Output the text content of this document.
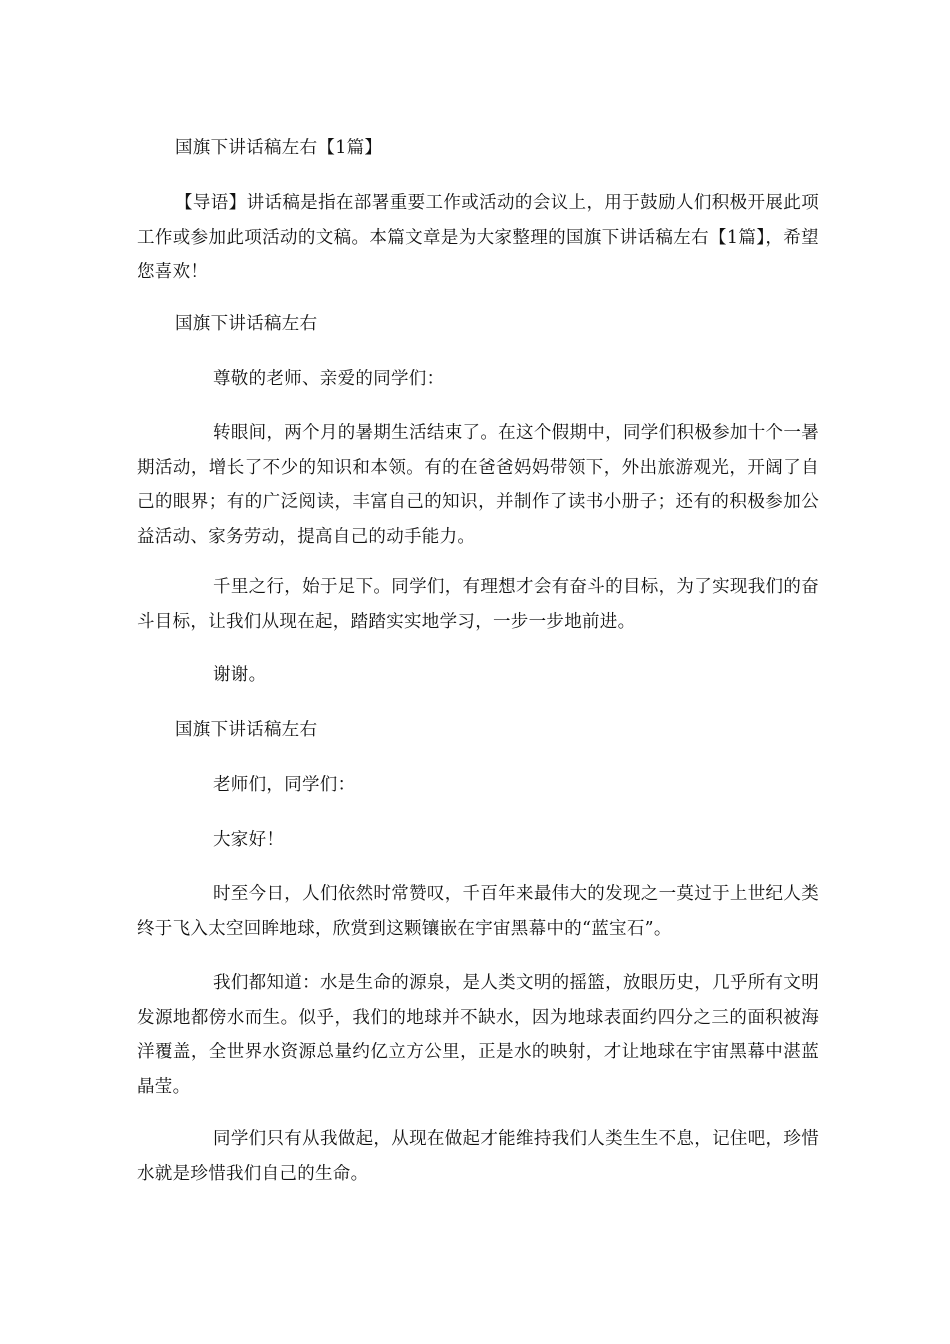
国旗下讲话稿左右【1篇】

【导语】讲话稿是指在部署重要工作或活动的会议上，用于鼓励人们积极开展此项工作或参加此项活动的文稿。本篇文章是为大家整理的国旗下讲话稿左右【1篇】，希望您喜欢！

国旗下讲话稿左右

尊敬的老师、亲爱的同学们：

转眼间，两个月的暑期生活结束了。在这个假期中，同学们积极参加十个一暑期活动，增长了不少的知识和本领。有的在爸爸妈妈带领下，外出旅游观光，开阔了自己的眼界；有的广泛阅读，丰富自己的知识，并制作了读书小册子；还有的积极参加公益活动、家务劳动，提高自己的动手能力。

千里之行，始于足下。同学们，有理想才会有奋斗的目标，为了实现我们的奋斗目标，让我们从现在起，踏踏实实地学习，一步一步地前进。

谢谢。

国旗下讲话稿左右

老师们，同学们：

大家好！

时至今日，人们依然时常赞叹，千百年来最伟大的发现之一莫过于上世纪人类终于飞入太空回眸地球，欣赏到这颗镶嵌在宇宙黑幕中的“蓝宝石”。

我们都知道：水是生命的源泉，是人类文明的摇篮，放眼历史，几乎所有文明发源地都傍水而生。似乎，我们的地球并不缺水，因为地球表面约四分之三的面积被海洋覆盖，全世界水资源总量约亿立方公里，正是水的映射，才让地球在宇宙黑幕中湛蓝晶莹。

同学们只有从我做起，从现在做起才能维持我们人类生生不息，记住吧，珍惜水就是珍惜我们自己的生命。
